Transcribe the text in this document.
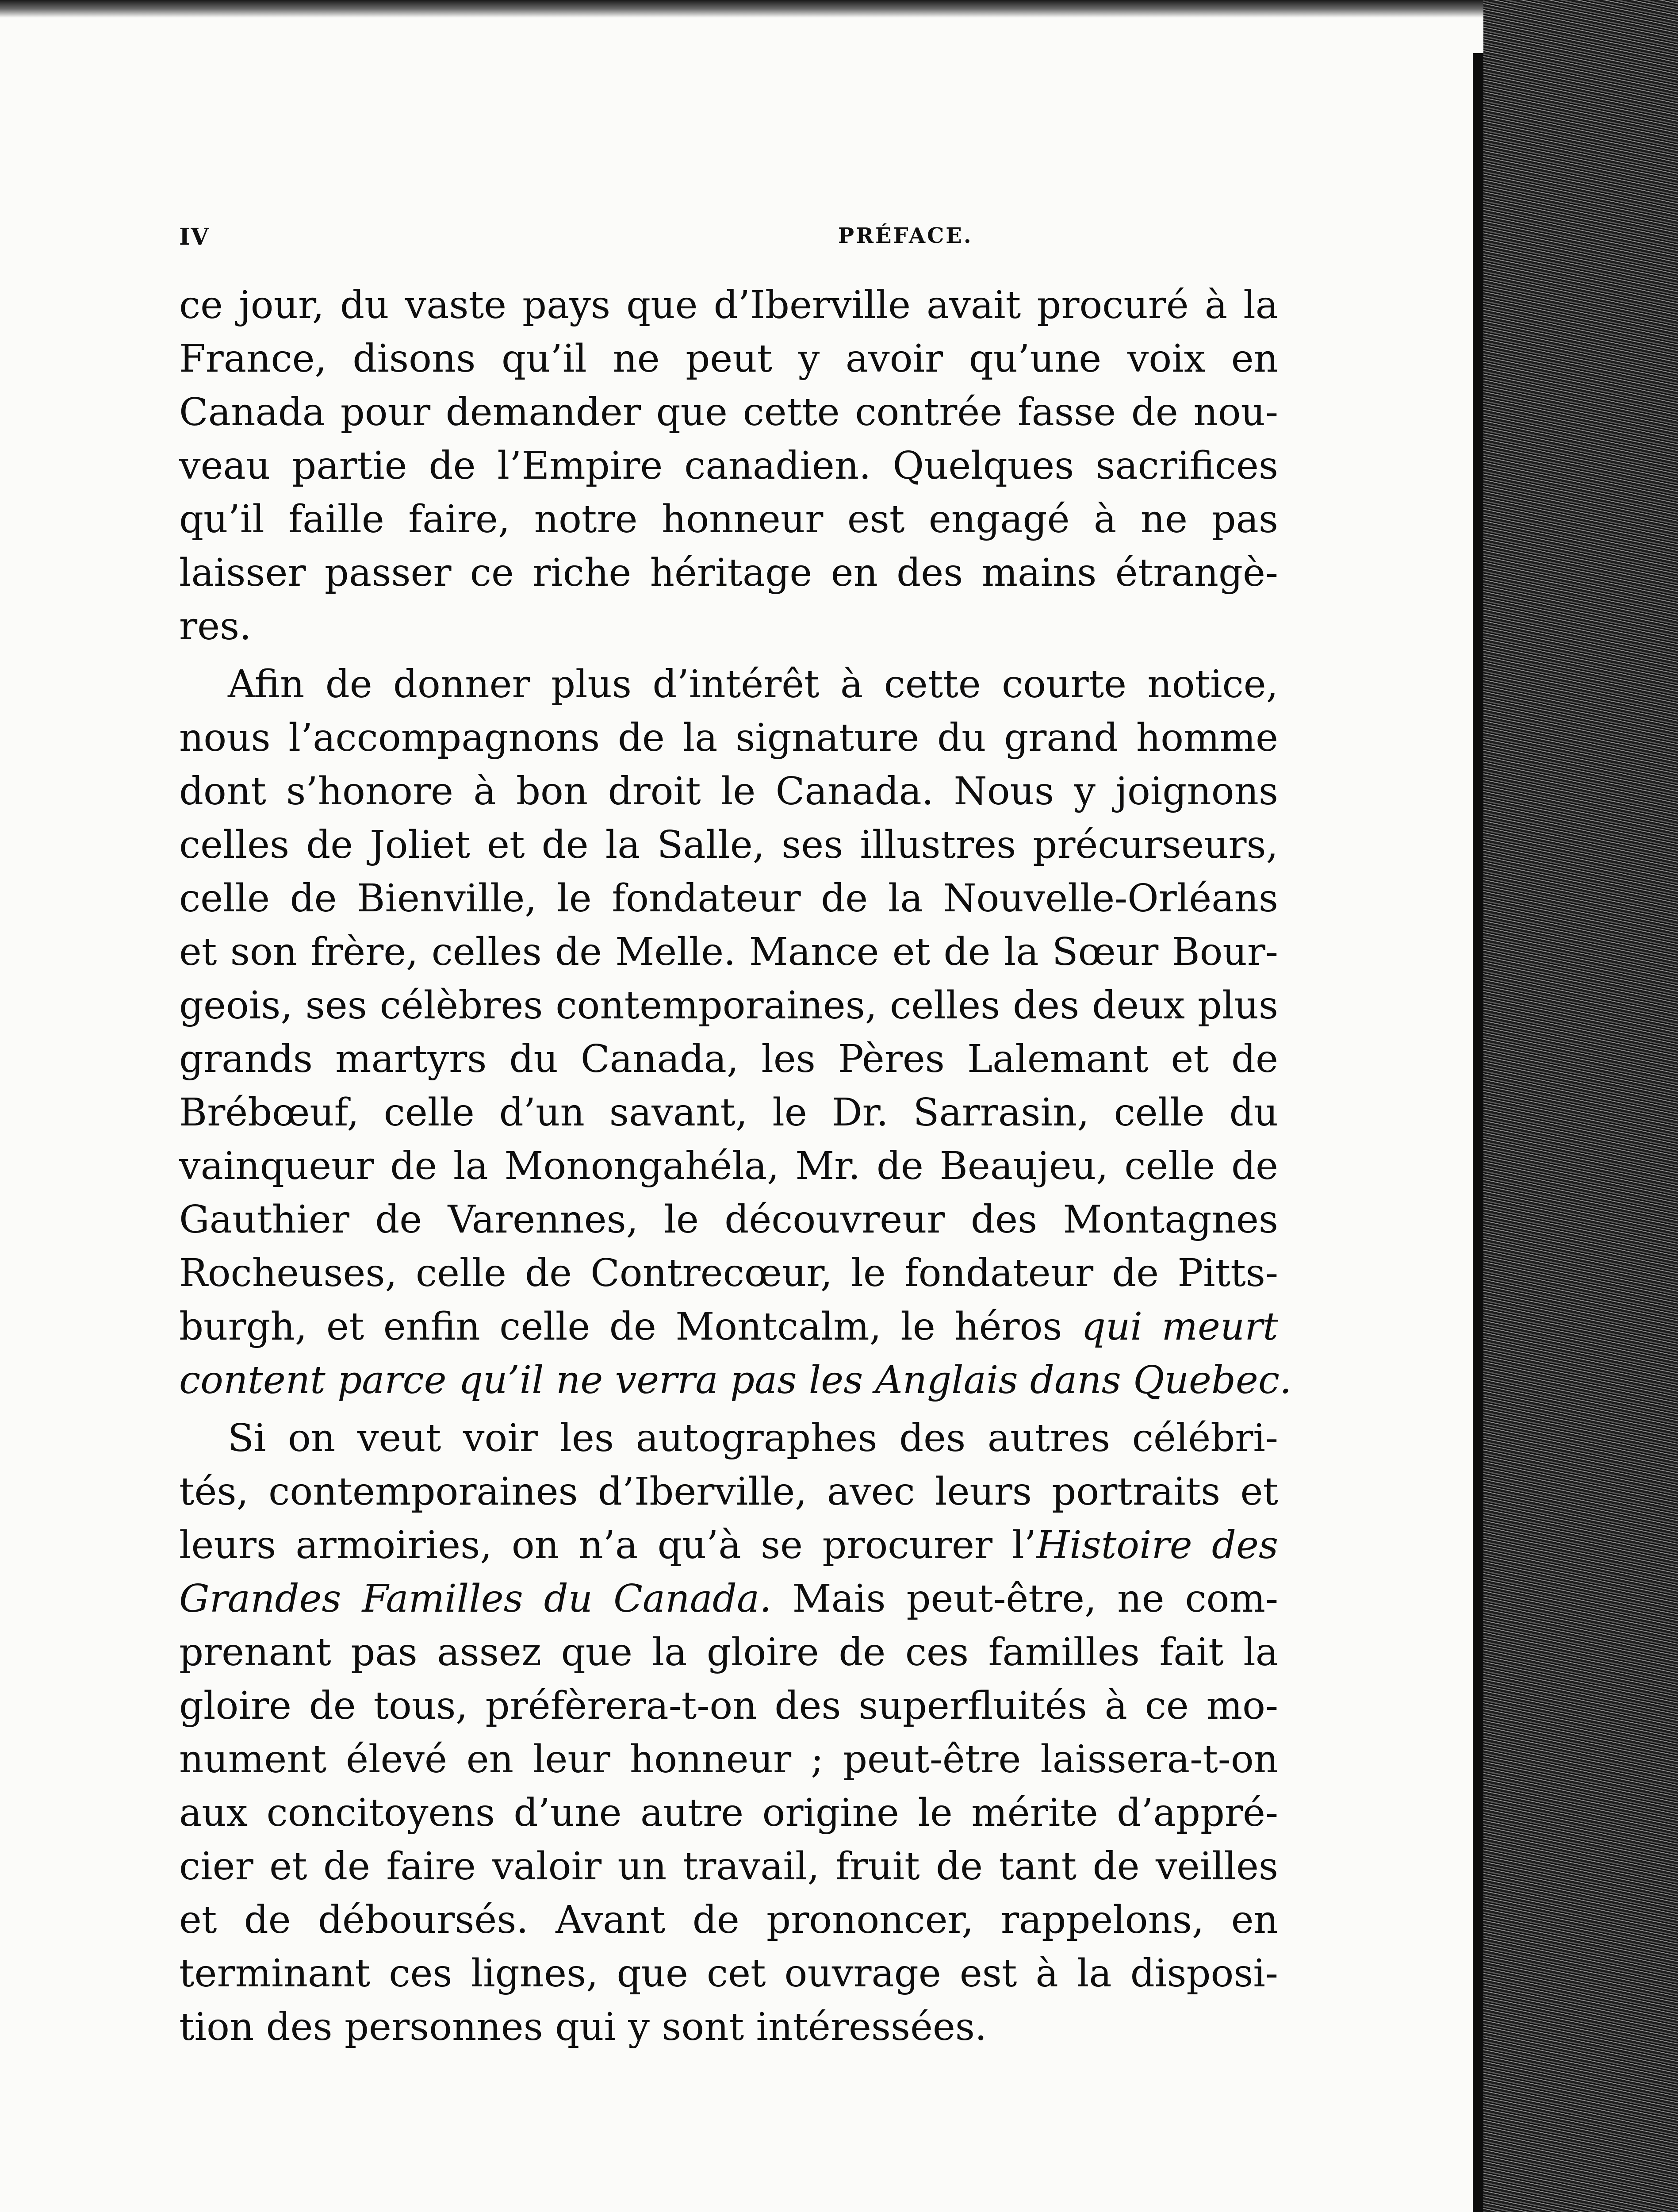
IV	PRÉFACE.
ce jour, du vaste pays que d’Iberville avait procuré à la
France, disons qu’il ne peut y avoir qu’une voix en
Canada pour demander que cette contrée fasse de nou-
veau partie de l’Empire canadien. Quelques sacrifices
qu’il faille faire, notre honneur est engagé à ne pas
laisser passer ce riche héritage en des mains étrangè-
res.
Afin de donner plus d’intérêt à cette courte notice,
nous l’accompagnons de la signature du grand homme
dont s’honore à bon droit le Canada. Nous y joignons
celles de Joliet et de la Salle, ses illustres précurseurs,
celle de Bienville, le fondateur de la Nouvelle-Orléans
et son frère, celles de Melle. Mance et de la Sœur Bour-
geois, ses célèbres contemporaines, celles des deux plus
grands martyrs du Canada, les Pères Lalemant et de
Brébœuf, celle d’un savant, le Dr. Sarrasin, celle du
vainqueur de la Monongahéla, Mr. de Beaujeu, celle de
Gauthier de Varennes, le découvreur des Montagnes
Rocheuses, celle de Contrecœur, le fondateur de Pitts-
burgh, et enfin celle de Montcalm, le héros qui meurt
content parce qu’il ne verra pas les Anglais dans Quebec.
Si on veut voir les autographes des autres célébri-
tés, contemporaines d’Iberville, avec leurs portraits et
leurs armoiries, on n’a qu’à se procurer l’Histoire des
Grandes Familles du Canada. Mais peut-être, ne com-
prenant pas assez que la gloire de ces familles fait la
gloire de tous, préfèrera-t-on des superfluités à ce mo-
nument élevé en leur honneur ; peut-être laissera-t-on
aux concitoyens d’une autre origine le mérite d’appré-
cier et de faire valoir un travail, fruit de tant de veilles
et de déboursés. Avant de prononcer, rappelons, en
terminant ces lignes, que cet ouvrage est à la disposi-
tion des personnes qui y sont intéressées.
